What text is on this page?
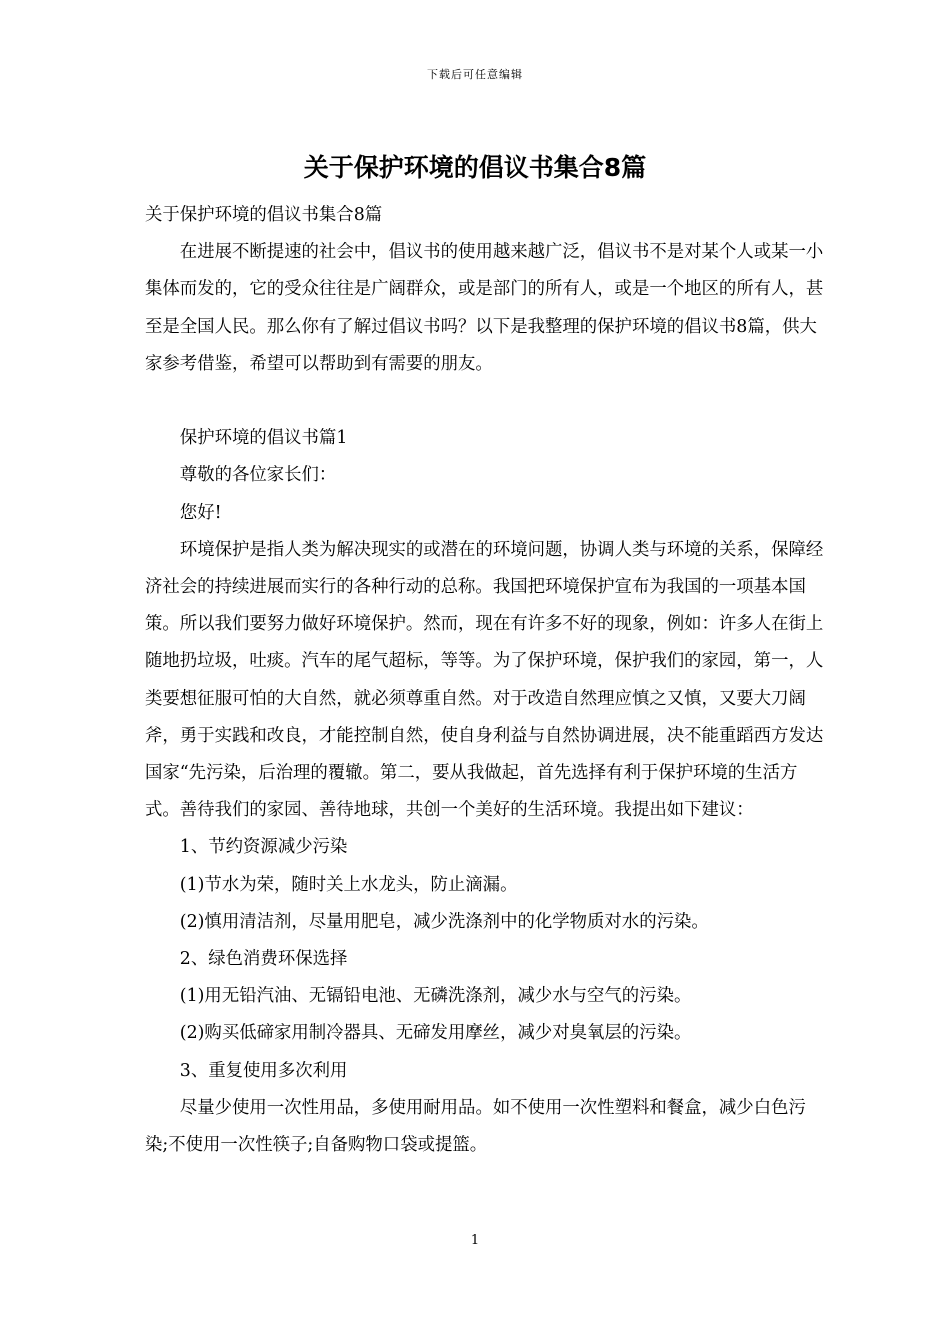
下载后可任意编辑
关于保护环境的倡议书集合8篇

关于保护环境的倡议书集合8篇

在进展不断提速的社会中，倡议书的使用越来越广泛，倡议书不是对某个人或某一小集体而发的，它的受众往往是广阔群众，或是部门的所有人，或是一个地区的所有人，甚至是全国人民。那么你有了解过倡议书吗？以下是我整理的保护环境的倡议书8篇，供大家参考借鉴，希望可以帮助到有需要的朋友。

保护环境的倡议书篇1

尊敬的各位家长们：

您好!

环境保护是指人类为解决现实的或潜在的环境问题，协调人类与环境的关系，保障经济社会的持续进展而实行的各种行动的总称。我国把环境保护宣布为我国的一项基本国策。所以我们要努力做好环境保护。然而，现在有许多不好的现象，例如：许多人在街上随地扔垃圾，吐痰。汽车的尾气超标，等等。为了保护环境，保护我们的家园，第一，人类要想征服可怕的大自然，就必须尊重自然。对于改造自然理应慎之又慎，又要大刀阔斧，勇于实践和改良，才能控制自然，使自身利益与自然协调进展，决不能重蹈西方发达国家“先污染，后治理的覆辙。第二，要从我做起，首先选择有利于保护环境的生活方式。善待我们的家园、善待地球，共创一个美好的生活环境。我提出如下建议：

1、节约资源减少污染

(1)节水为荣，随时关上水龙头，防止滴漏。

(2)慎用清洁剂，尽量用肥皂，减少洗涤剂中的化学物质对水的污染。

2、绿色消费环保选择

(1)用无铅汽油、无镉铅电池、无磷洗涤剂，减少水与空气的污染。

(2)购买低碲家用制冷器具、无碲发用摩丝，减少对臭氧层的污染。

3、重复使用多次利用

尽量少使用一次性用品，多使用耐用品。如不使用一次性塑料和餐盒，减少白色污染;不使用一次性筷子;自备购物口袋或提篮。

1
